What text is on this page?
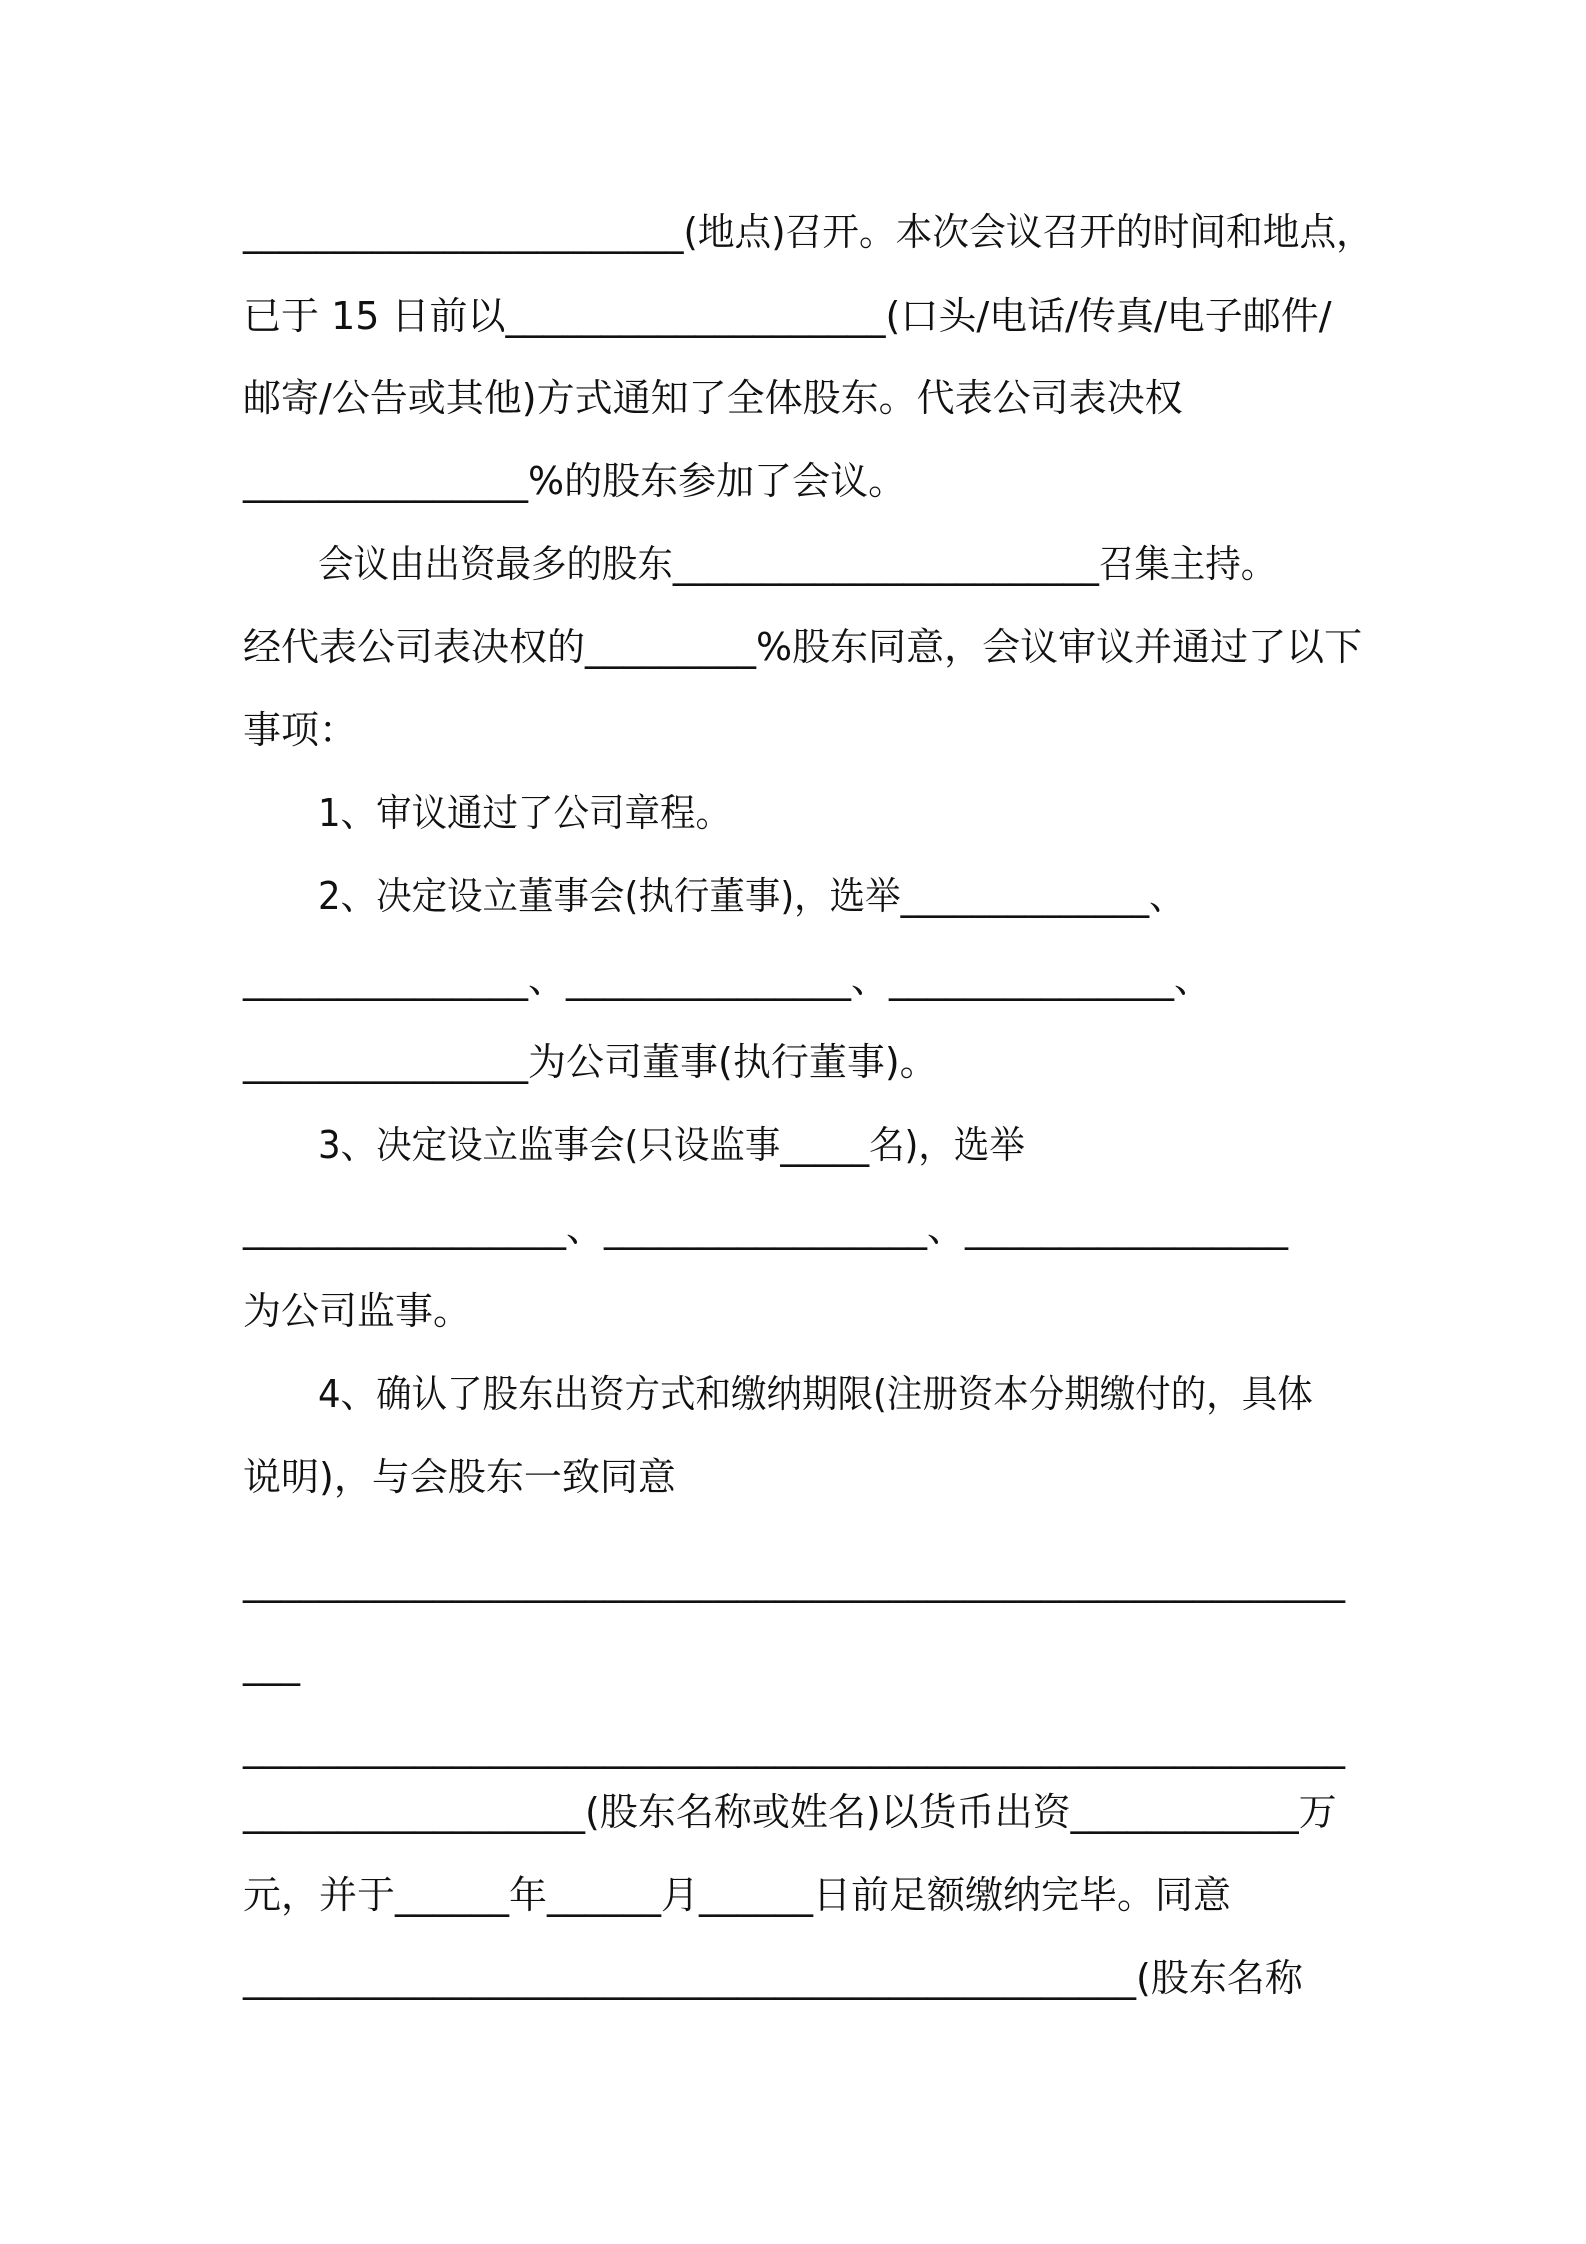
________________________(地点)召开。本次会议召开的时间和地点，
已于 15 日前以____________________(口头/电话/传真/电子邮件/
邮寄/公告或其他)方式通知了全体股东。代表公司表决权
_______________%的股东参加了会议。
会议由出资最多的股东________________________召集主持。
经代表公司表决权的_________%股东同意，会议审议并通过了以下
事项：
1、审议通过了公司章程。
2、决定设立董事会(执行董事)，选举______________、
_______________、_______________、_______________、
_______________为公司董事(执行董事)。
3、决定设立监事会(只设监事_____名)，选举
_________________、_________________、_________________
为公司监事。
4、确认了股东出资方式和缴纳期限(注册资本分期缴付的，具体
说明)，与会股东一致同意
__________________________________________________________
___
__________________________________________________________
__________________(股东名称或姓名)以货币出资____________万
元，并于______年______月______日前足额缴纳完毕。同意
_______________________________________________(股东名称
